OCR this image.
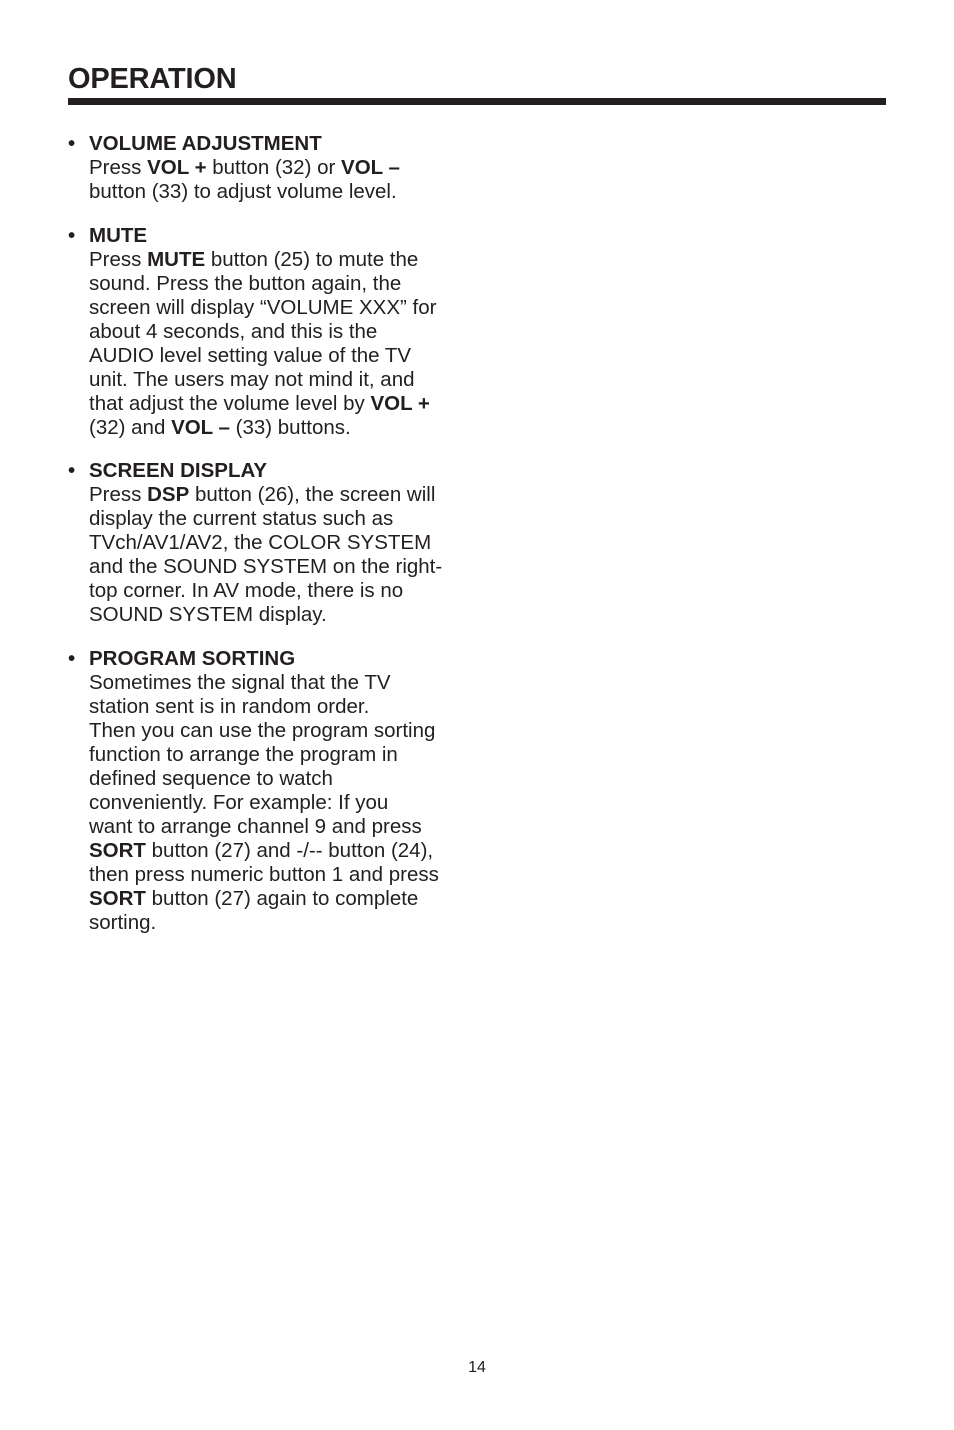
OPERATION
• VOLUME ADJUSTMENT
Press VOL + button (32) or VOL –
button (33) to adjust volume level.
• MUTE
Press MUTE button (25) to mute the
sound. Press the button again, the
screen will display “VOLUME XXX” for
about 4 seconds, and this is the
AUDIO level setting value of the TV
unit. The users may not mind it, and
that adjust the volume level by VOL +
(32) and VOL – (33) buttons.
• SCREEN DISPLAY
Press DSP button (26), the screen will
display the current status such as
TVch/AV1/AV2, the COLOR SYSTEM
and the SOUND SYSTEM on the right-
top corner. In AV mode, there is no
SOUND SYSTEM display.
• PROGRAM SORTING
Sometimes the signal that the TV
station sent is in random order.
Then you can use the program sorting
function to arrange the program in
defined sequence to watch
conveniently. For example: If you
want to arrange channel 9 and press
SORT button (27) and -/-- button (24),
then press numeric button 1 and press
SORT button (27) again to complete
sorting.
14
